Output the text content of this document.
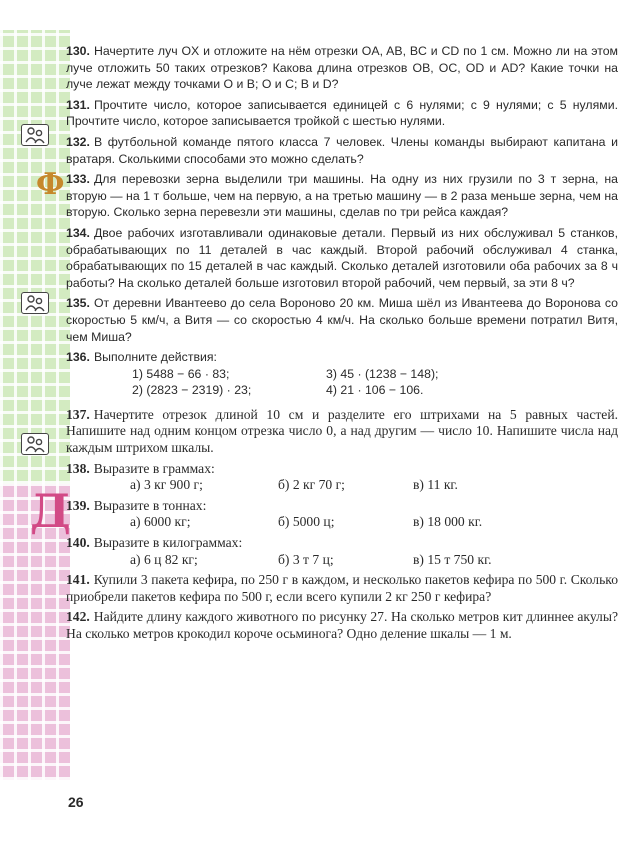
Ф
Д

130. Начертите луч OX и отложите на нём отрезки OA, AB, BC и CD по 1 см. Можно ли на этом луче отложить 50 таких отрезков? Какова длина отрезков OB, OC, OD и AD? Какие точки на луче лежат между точками O и B; O и C; B и D?

131. Прочтите число, которое записывается единицей с 6 нулями; с 9 нулями; с 5 нулями. Прочтите число, которое записывается тройкой с шестью нулями.

132. В футбольной команде пятого класса 7 человек. Члены команды выбирают капитана и вратаря. Сколькими способами это можно сделать?

133. Для перевозки зерна выделили три машины. На одну из них грузили по 3 т зерна, на вторую — на 1 т больше, чем на первую, а на третью машину — в 2 раза меньше зерна, чем на вторую. Сколько зерна перевезли эти машины, сделав по три рейса каждая?

134. Двое рабочих изготавливали одинаковые детали. Первый из них обслуживал 5 станков, обрабатывающих по 11 деталей в час каждый. Второй рабочий обслуживал 4 станка, обрабатывающих по 15 деталей в час каждый. Сколько деталей изготовили оба рабочих за 8 ч работы? На сколько деталей больше изготовил второй рабочий, чем первый, за эти 8 ч?

135. От деревни Ивантеево до села Вороново 20 км. Миша шёл из Ивантеева до Воронова со скоростью 5 км/ч, а Витя — со скоростью 4 км/ч. На сколько больше времени потратил Витя, чем Миша?

136. Выполните действия:

1) 5488 − 66 · 83;	3) 45 · (1238 − 148);
2) (2823 − 2319) · 23;	4) 21 · 106 − 106.

137. Начертите отрезок длиной 10 см и разделите его штрихами на 5 равных частей. Напишите над одним концом отрезка число 0, а над другим — число 10. Напишите числа над каждым штрихом шкалы.

138. Выразите в граммах:

а) 3 кг 900 г;	б) 2 кг 70 г;	в) 11 кг.

139. Выразите в тоннах:

а) 6000 кг;	б) 5000 ц;	в) 18 000 кг.

140. Выразите в килограммах:

а) 6 ц 82 кг;	б) 3 т 7 ц;	в) 15 т 750 кг.

141. Купили 3 пакета кефира, по 250 г в каждом, и несколько пакетов кефира по 500 г. Сколько приобрели пакетов кефира по 500 г, если всего купили 2 кг 250 г кефира?

142. Найдите длину каждого животного по рисунку 27. На сколько метров кит длиннее акулы? На сколько метров крокодил короче осьминога? Одно деление шкалы — 1 м.

26
